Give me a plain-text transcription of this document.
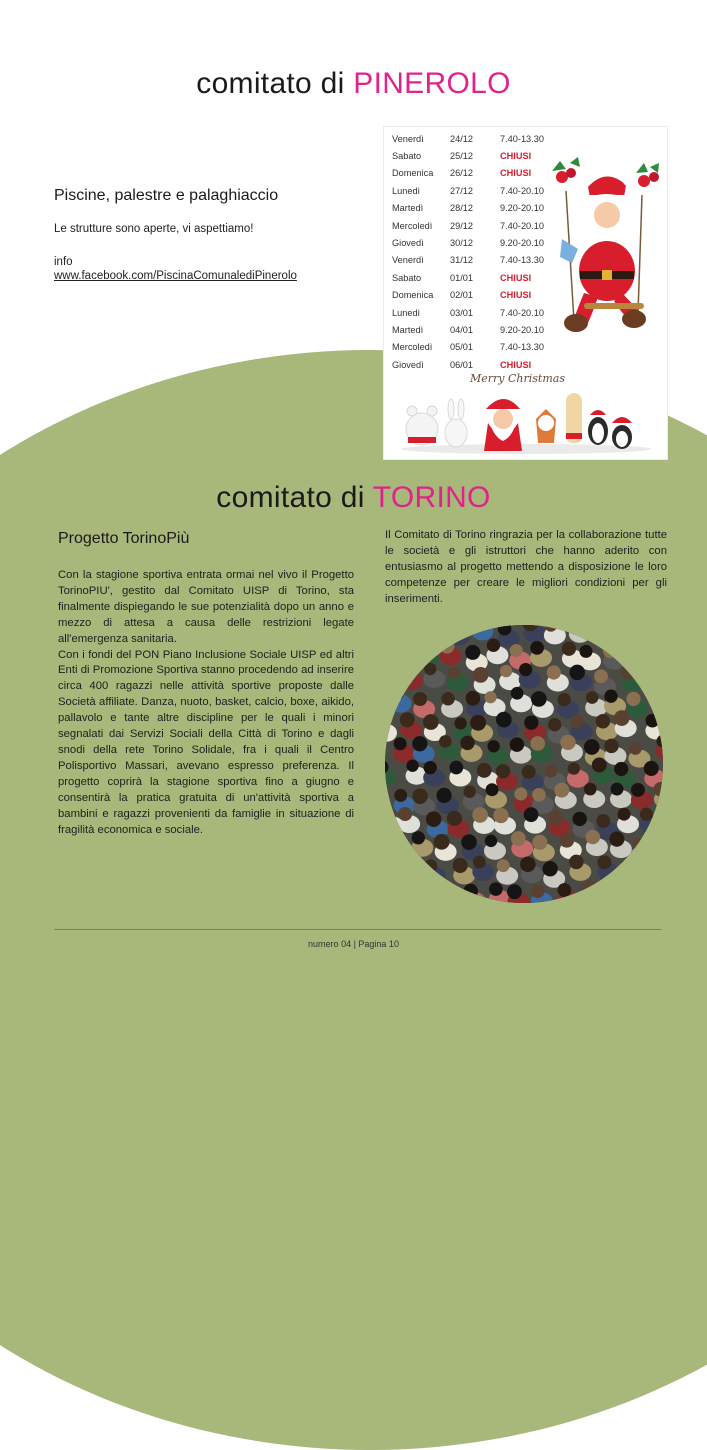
comitato di PINEROLO
Piscine, palestre e palaghiaccio

Le strutture sono aperte, vi aspettiamo!

info
www.facebook.com/PiscinaComunalediPinerolo
Venerdì	24/12	7.40-13.30
Sabato	25/12	CHIUSI
Domenica	26/12	CHIUSI
Lunedì	27/12	7.40-20.10
Martedì	28/12	9.20-20.10
Mercoledì	29/12	7.40-20.10
Giovedì	30/12	9.20-20.10
Venerdì	31/12	7.40-13.30
Sabato	01/01	CHIUSI
Domenica	02/01	CHIUSI
Lunedì	03/01	7.40-20.10
Martedì	04/01	9.20-20.10
Mercoledì	05/01	7.40-13.30
Giovedì	06/01	CHIUSI
Merry Christmas
comitato di TORINO
Progetto TorinoPiù

Con la stagione sportiva entrata ormai nel vivo il Progetto TorinoPIU', gestito dal Comitato UISP di Torino, sta finalmente dispiegando le sue potenzialità dopo un anno e mezzo di attesa a causa delle restrizioni legate all'emergenza sanitaria.

Con i fondi del PON Piano Inclusione Sociale UISP ed altri Enti di Promozione Sportiva stanno procedendo ad inserire circa 400 ragazzi nelle attività sportive proposte dalle Società affiliate. Danza, nuoto, basket, calcio, boxe, aikido, pallavolo e tante altre discipline per le quali i minori segnalati dai Servizi Sociali della Città di Torino e dagli snodi della rete Torino Solidale, fra i quali il Centro Polisportivo Massari, avevano espresso preferenza. Il progetto coprirà la stagione sportiva fino a giugno e consentirà la pratica gratuita di un'attività sportiva a bambini e ragazzi provenienti da famiglie in situazione di fragilità economica e sociale.

Il Comitato di Torino ringrazia per la collaborazione tutte le società e gli istruttori che hanno aderito con entusiasmo al progetto mettendo a disposizione le loro competenze per creare le migliori condizioni per gli inserimenti.

numero 04 | Pagina 10
